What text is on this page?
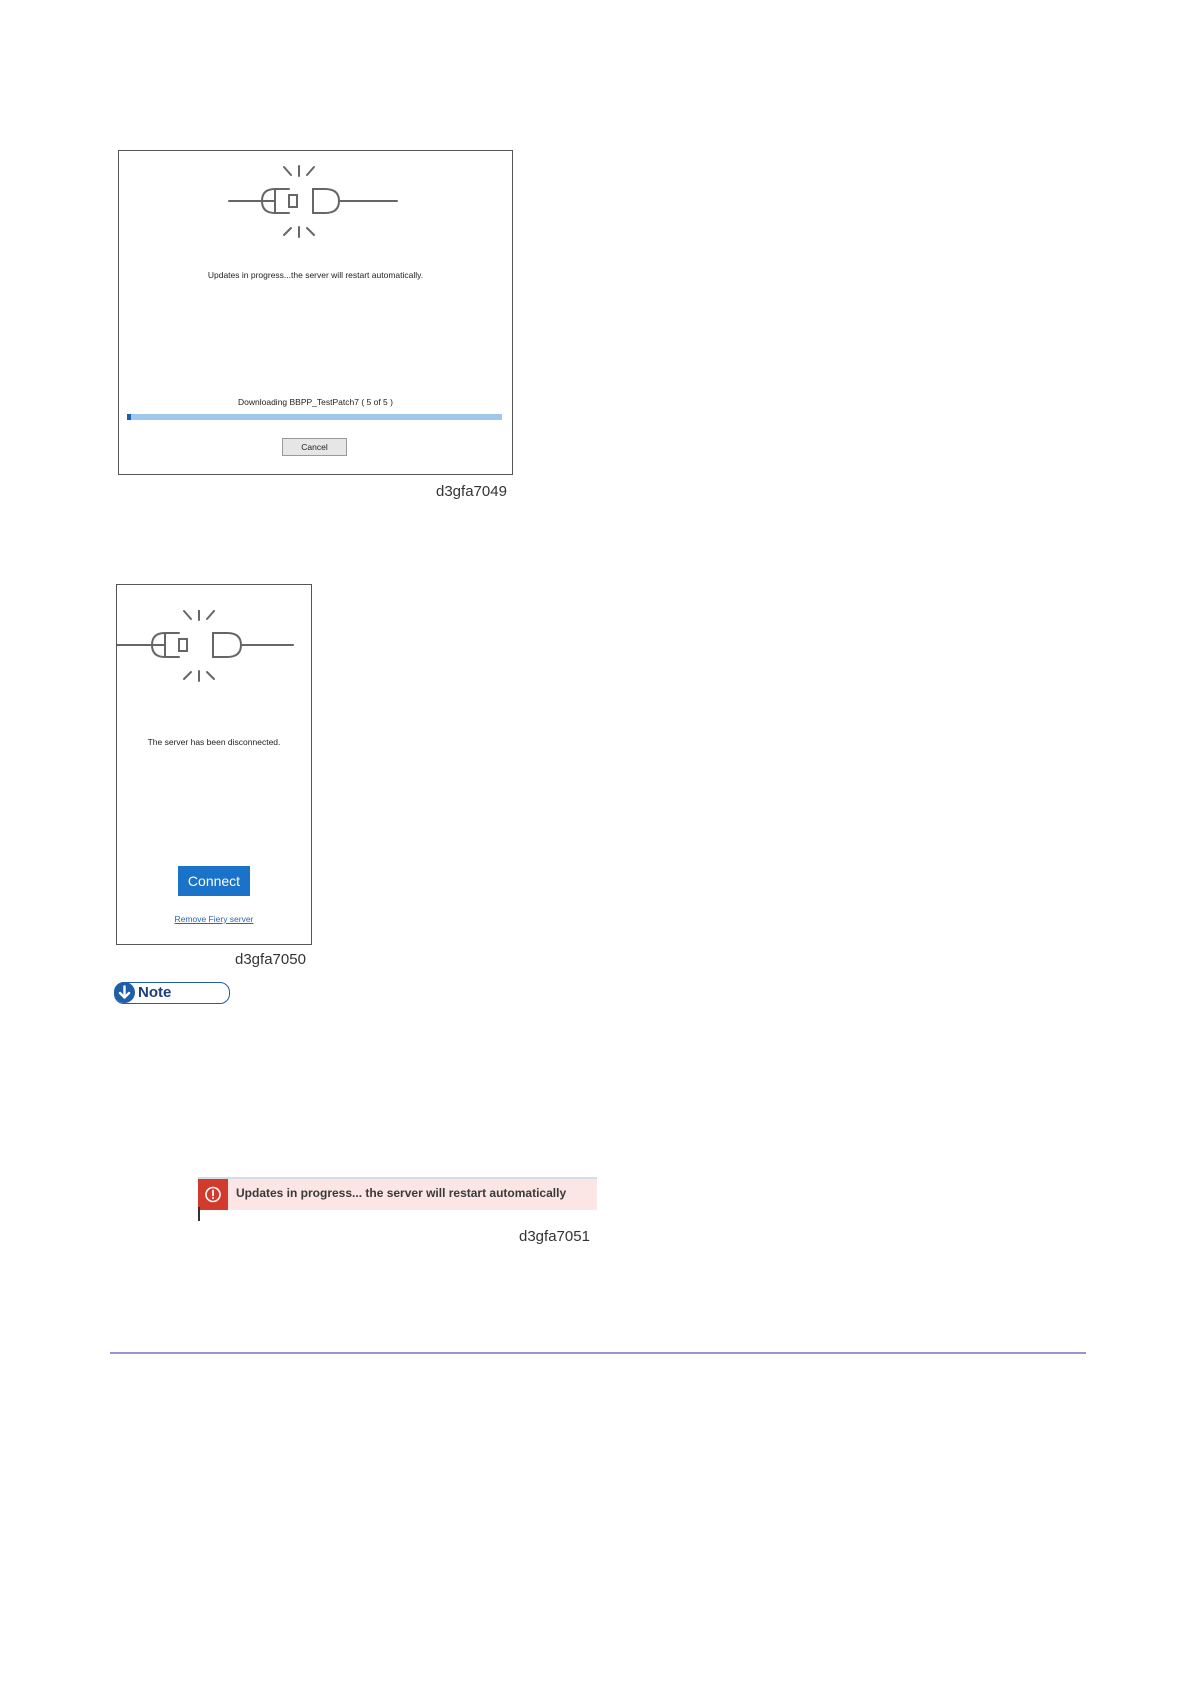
Updates in progress...the server will restart automatically.
Downloading BBPP_TestPatch7 ( 5 of 5 )
Cancel
d3gfa7049
The server has been disconnected.
Connect
Remove Fiery server
d3gfa7050
Note
Updates in progress... the server will restart automatically
d3gfa7051
